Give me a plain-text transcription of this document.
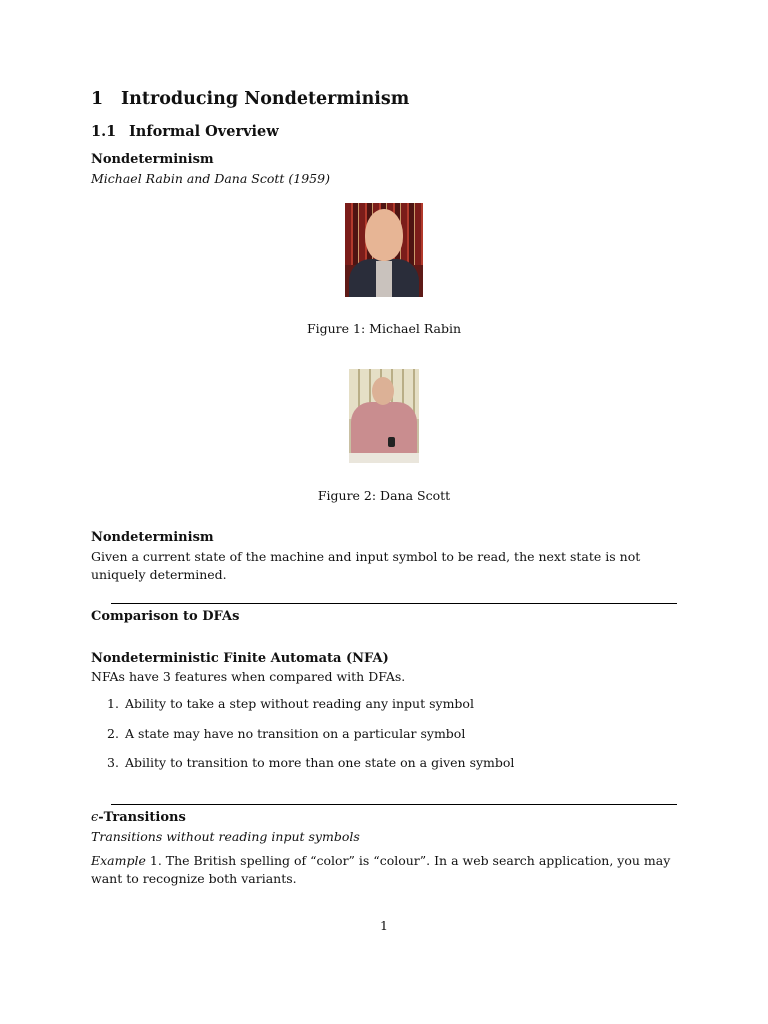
1 Introducing Nondeterminism
1.1 Informal Overview
Nondeterminism
Michael Rabin and Dana Scott (1959)
Figure 1: Michael Rabin
Figure 2: Dana Scott
Nondeterminism
Given a current state of the machine and input symbol to be read, the next state is not uniquely determined.
Comparison to DFAs
Nondeterministic Finite Automata (NFA)
NFAs have 3 features when compared with DFAs.
1. Ability to take a step without reading any input symbol
2. A state may have no transition on a particular symbol
3. Ability to transition to more than one state on a given symbol
ϵ-Transitions
Transitions without reading input symbols
Example 1. The British spelling of “color” is “colour”. In a web search application, you may want to recognize both variants.
1
